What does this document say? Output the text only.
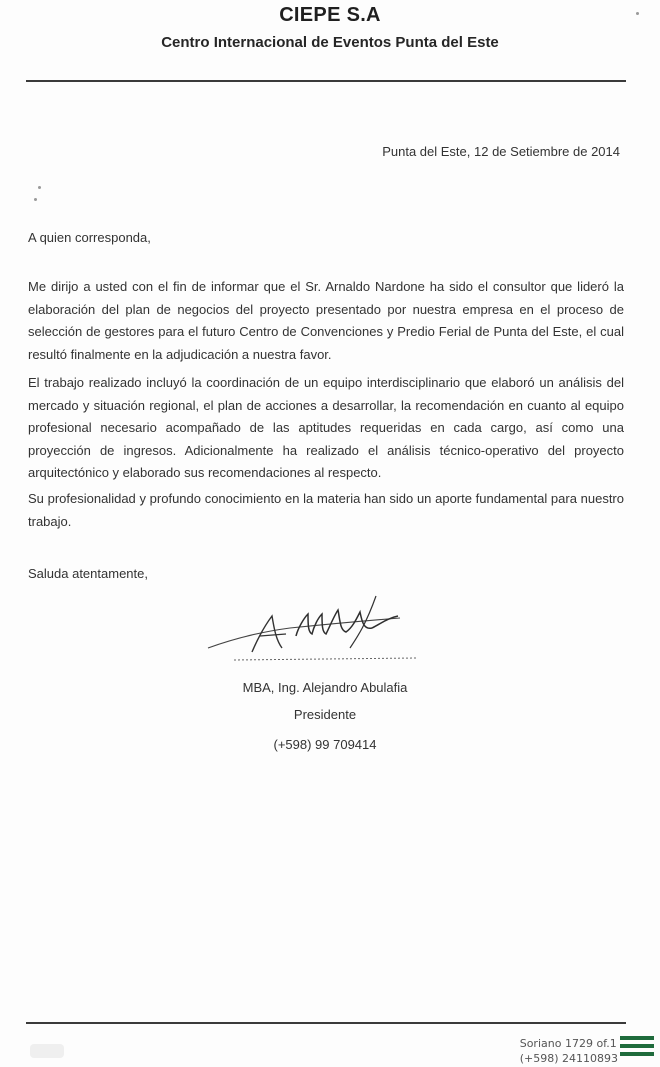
CIEPE S.A
Centro Internacional de Eventos Punta del Este
Punta del Este, 12 de Setiembre de 2014
A quien corresponda,
Me dirijo a usted con el fin de informar que el Sr. Arnaldo Nardone ha sido el consultor que lideró la elaboración del plan de negocios del proyecto presentado por nuestra empresa en el proceso de selección de gestores para el futuro Centro de Convenciones y Predio Ferial de Punta del Este, el cual resultó finalmente en la adjudicación a nuestra favor.
El trabajo realizado incluyó la coordinación de un equipo interdisciplinario que elaboró un análisis del mercado y situación regional, el plan de acciones a desarrollar, la recomendación en cuanto al equipo profesional necesario acompañado de las aptitudes requeridas en cada cargo, así como una proyección de ingresos. Adicionalmente ha realizado el análisis técnico-operativo del proyecto arquitectónico y elaborado sus recomendaciones al respecto.
Su profesionalidad y profundo conocimiento en la materia han sido un aporte fundamental para nuestro trabajo.
Saluda atentamente,
MBA, Ing. Alejandro Abulafia
Presidente
(+598) 99 709414
Soriano 1729 of.1
(+598) 24110893
